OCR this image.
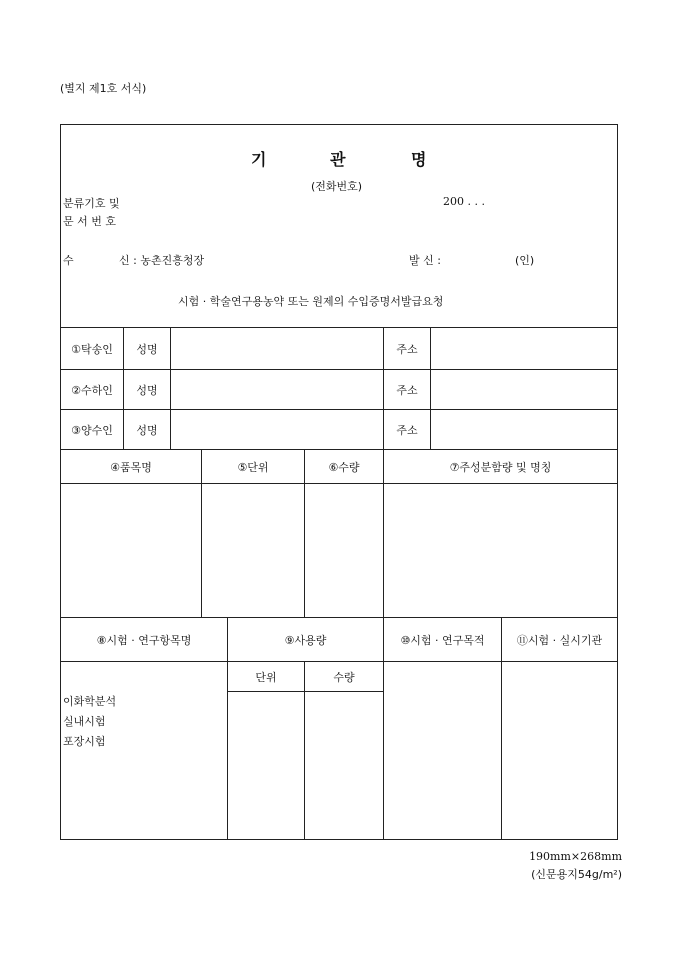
(별지 제1호 서식)
기	관	명
(전화번호)
분류기호 및
문 서 번 호
200 . . .
수	신 : 농촌진흥청장	발 신 :	(인)
시험 · 학술연구용농약 또는 원제의 수입증명서발급요청
①탁송인	성명	주소
②수하인	성명	주소
③양수인	성명	주소
④품목명	⑤단위	⑥수량	⑦주성분함량 및 명칭
⑧시험 · 연구항목명	⑨사용량	⑩시험 · 연구목적	⑪시험 · 실시기관
단위	수량
이화학분석
실내시험
포장시험
190mm×268mm
(신문용지54g/m²)
